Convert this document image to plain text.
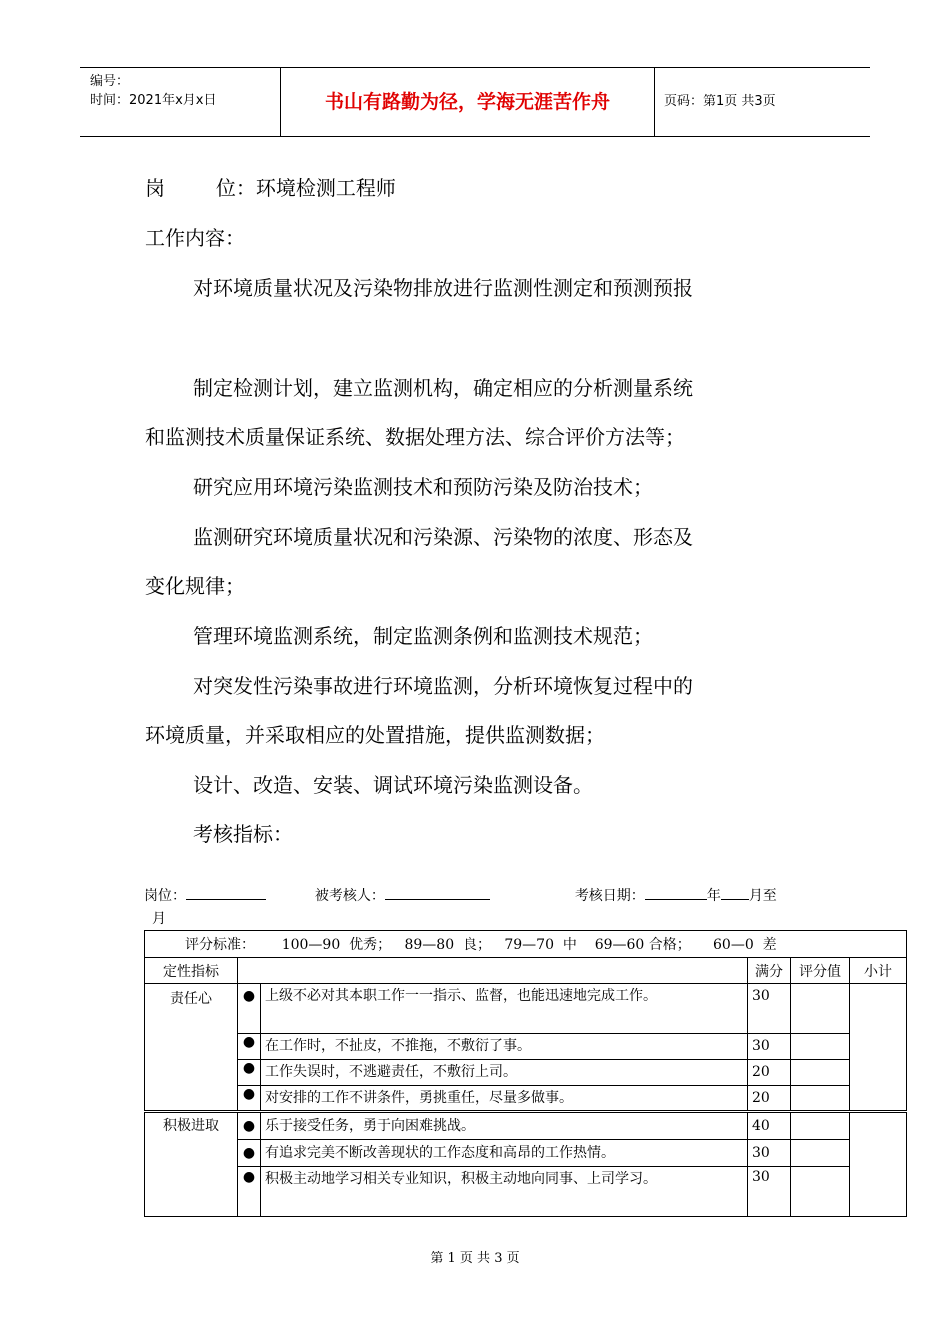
编号：
时间：2021年x月x日	书山有路勤为径，学海无涯苦作舟	页码：第1页 共3页
岗        位：环境检测工程师
工作内容：
对环境质量状况及污染物排放进行监测性测定和预测预报
制定检测计划，建立监测机构，确定相应的分析测量系统
和监测技术质量保证系统、数据处理方法、综合评价方法等；
研究应用环境污染监测技术和预防污染及防治技术；
监测研究环境质量状况和污染源、污染物的浓度、形态及
变化规律；
管理环境监测系统，制定监测条例和监测技术规范；
对突发性污染事故进行环境监测，分析环境恢复过程中的
环境质量，并采取相应的处置措施，提供监测数据；
设计、改造、安装、调试环境污染监测设备。
考核指标：
岗位：	被考核人：	考核日期：	年 月至
月
评分标准：      100—90  优秀；   89—80  良；   79—70  中    69—60 合格；     60—0  差					
定性指标			满分	评分值	小计
责任心	●	上级不必对其本职工作一一指示、监督，也能迅速地完成工作。	30		
	●	在工作时，不扯皮，不推拖，不敷衍了事。	30		
	●	工作失误时，不逃避责任，不敷衍上司。	20		
	●	对安排的工作不讲条件，勇挑重任，尽量多做事。	20		
积极进取	●	乐于接受任务，勇于向困难挑战。	40		
	●	有追求完美不断改善现状的工作态度和高昂的工作热情。	30		
	●	积极主动地学习相关专业知识，积极主动地向同事、上司学习。	30		
第 1 页 共 3 页
